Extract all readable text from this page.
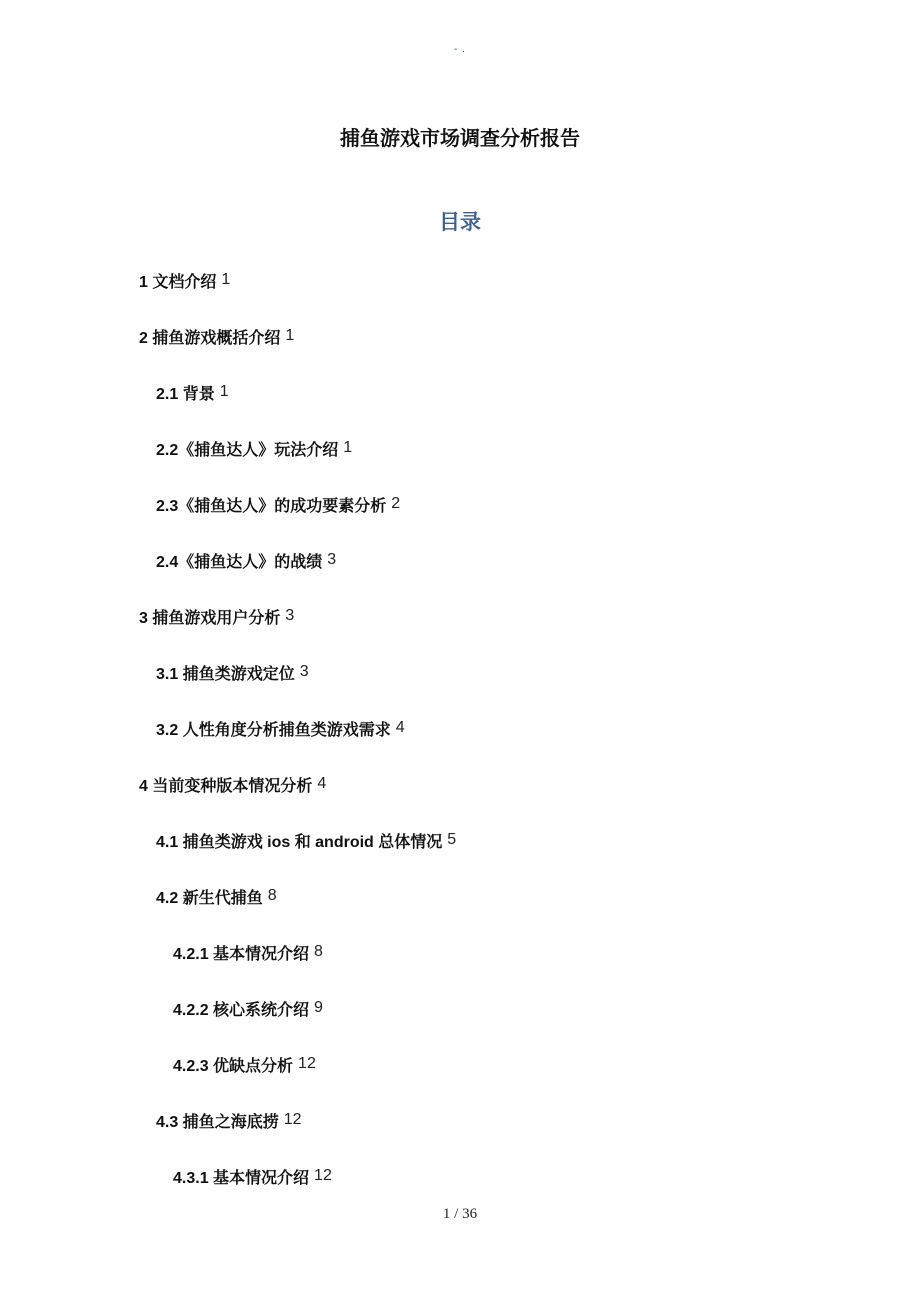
- .
捕鱼游戏市场调查分析报告
目录
1 文档介绍 1
2 捕鱼游戏概括介绍 1
2.1 背景 1
2.2《捕鱼达人》玩法介绍 1
2.3《捕鱼达人》的成功要素分析 2
2.4《捕鱼达人》的战绩 3
3 捕鱼游戏用户分析 3
3.1 捕鱼类游戏定位 3
3.2 人性角度分析捕鱼类游戏需求 4
4 当前变种版本情况分析 4
4.1 捕鱼类游戏 ios 和 android 总体情况 5
4.2 新生代捕鱼 8
4.2.1 基本情况介绍 8
4.2.2 核心系统介绍 9
4.2.3 优缺点分析 12
4.3 捕鱼之海底捞 12
4.3.1 基本情况介绍 12
1 / 36
